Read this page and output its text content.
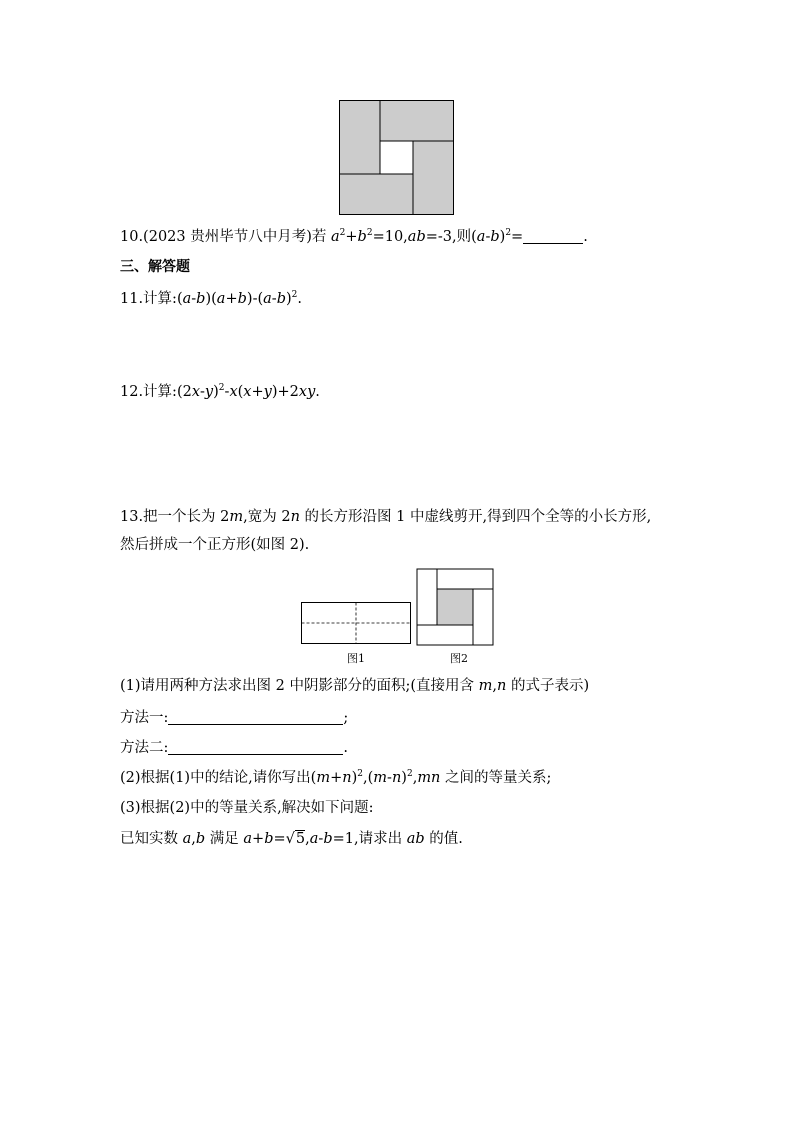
10.(2023 贵州毕节八中月考)若 $a^2+b^2=10,ab=-3$,则$(a-b)^2=$	.
三、解答题
11.计算$:(a-b)(a+b)-(a-b)^2$.
12.计算$:(2x-y)^2-x(x+y)+2xy$.
13.把一个长为 2m,宽为 2n 的长方形沿图 1 中虚线剪开,得到四个全等的小长方形,
然后拼成一个正方形(如图 2).
图1	图2
(1)请用两种方法求出图 2 中阴影部分的面积;(直接用含 m,n 的式子表示)
方法一:	;
方法二:	.
(2)根据(1)中的结论,请你写出$(m+n)^2,(m-n)^2,mn$ 之间的等量关系;
(3)根据(2)中的等量关系,解决如下问题:
已知实数 a,b 满足 a+b=√5,a-b=1,请求出 ab 的值.
